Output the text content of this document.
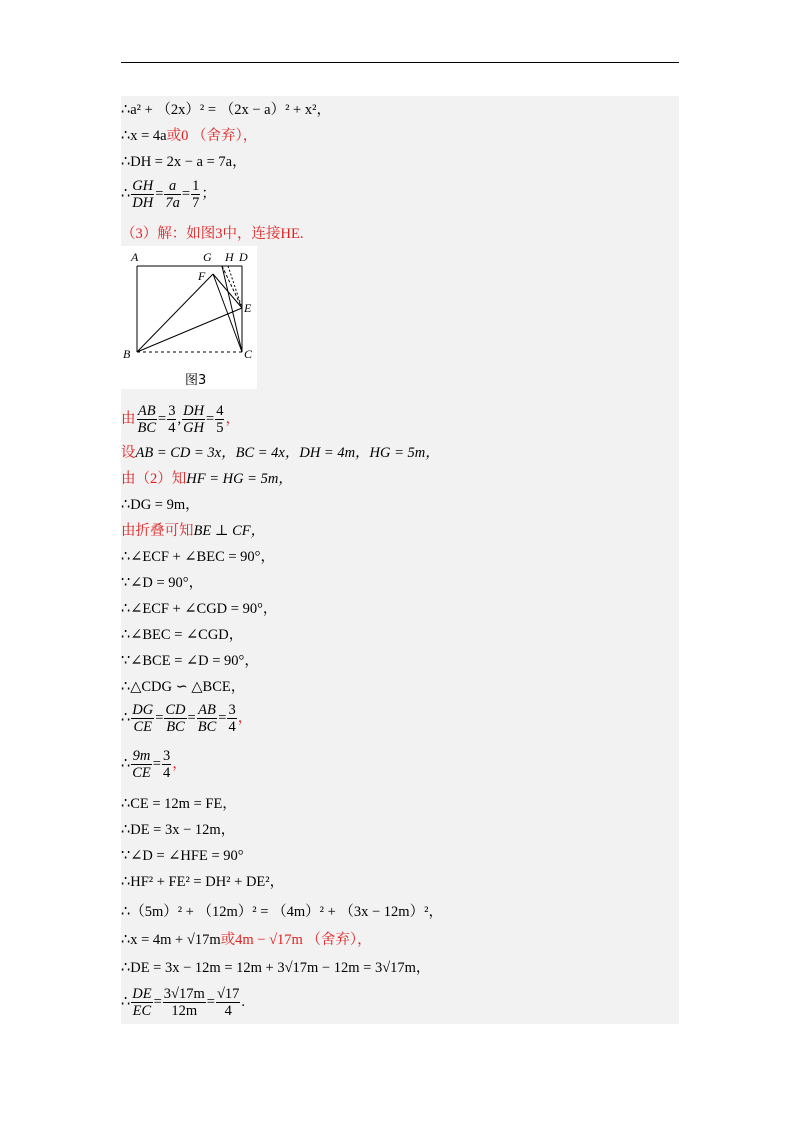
∴a² + （2x）² = （2x − a）² + x²，
∴x = 4a或0 （舍弃），
∴DH = 2x − a = 7a，
∴ $\frac{GH}{DH} = \frac{a}{7a} = \frac{1}{7}$ ；
（3）解：如图3中，连接HE.
A	G H D
F
E
B	C
图3
由 $\frac{AB}{BC} = \frac{3}{4}$ , $\frac{DH}{GH} = \frac{4}{5}$ ，
设AB = CD = 3x，BC = 4x，DH = 4m，HG = 5m，
由（2）知HF = HG = 5m，
∴DG = 9m，
由折叠可知BE ⊥ CF，
∴∠ECF + ∠BEC = 90°，
∵∠D = 90°，
∴∠ECF + ∠CGD = 90°，
∴∠BEC = ∠CGD，
∵∠BCE = ∠D = 90°，
∴△CDG ∽ △BCE，
∴ $\frac{DG}{CE} = \frac{CD}{BC} = \frac{AB}{BC} = \frac{3}{4}$ ，
∴ $\frac{9m}{CE} = \frac{3}{4}$ ，
∴CE = 12m = FE，
∴DE = 3x − 12m，
∵∠D = ∠HFE = 90°
∴HF² + FE² = DH² + DE²，
∴（5m）² + （12m）² = （4m）² + （3x − 12m）²，
∴x = 4m + √17m或4m − √17m （舍弃），
∴DE = 3x − 12m = 12m + 3√17m − 12m = 3√17m，
∴ $\frac{DE}{EC} = \frac{3√17m}{12m} = \frac{√17}{4}$ .
